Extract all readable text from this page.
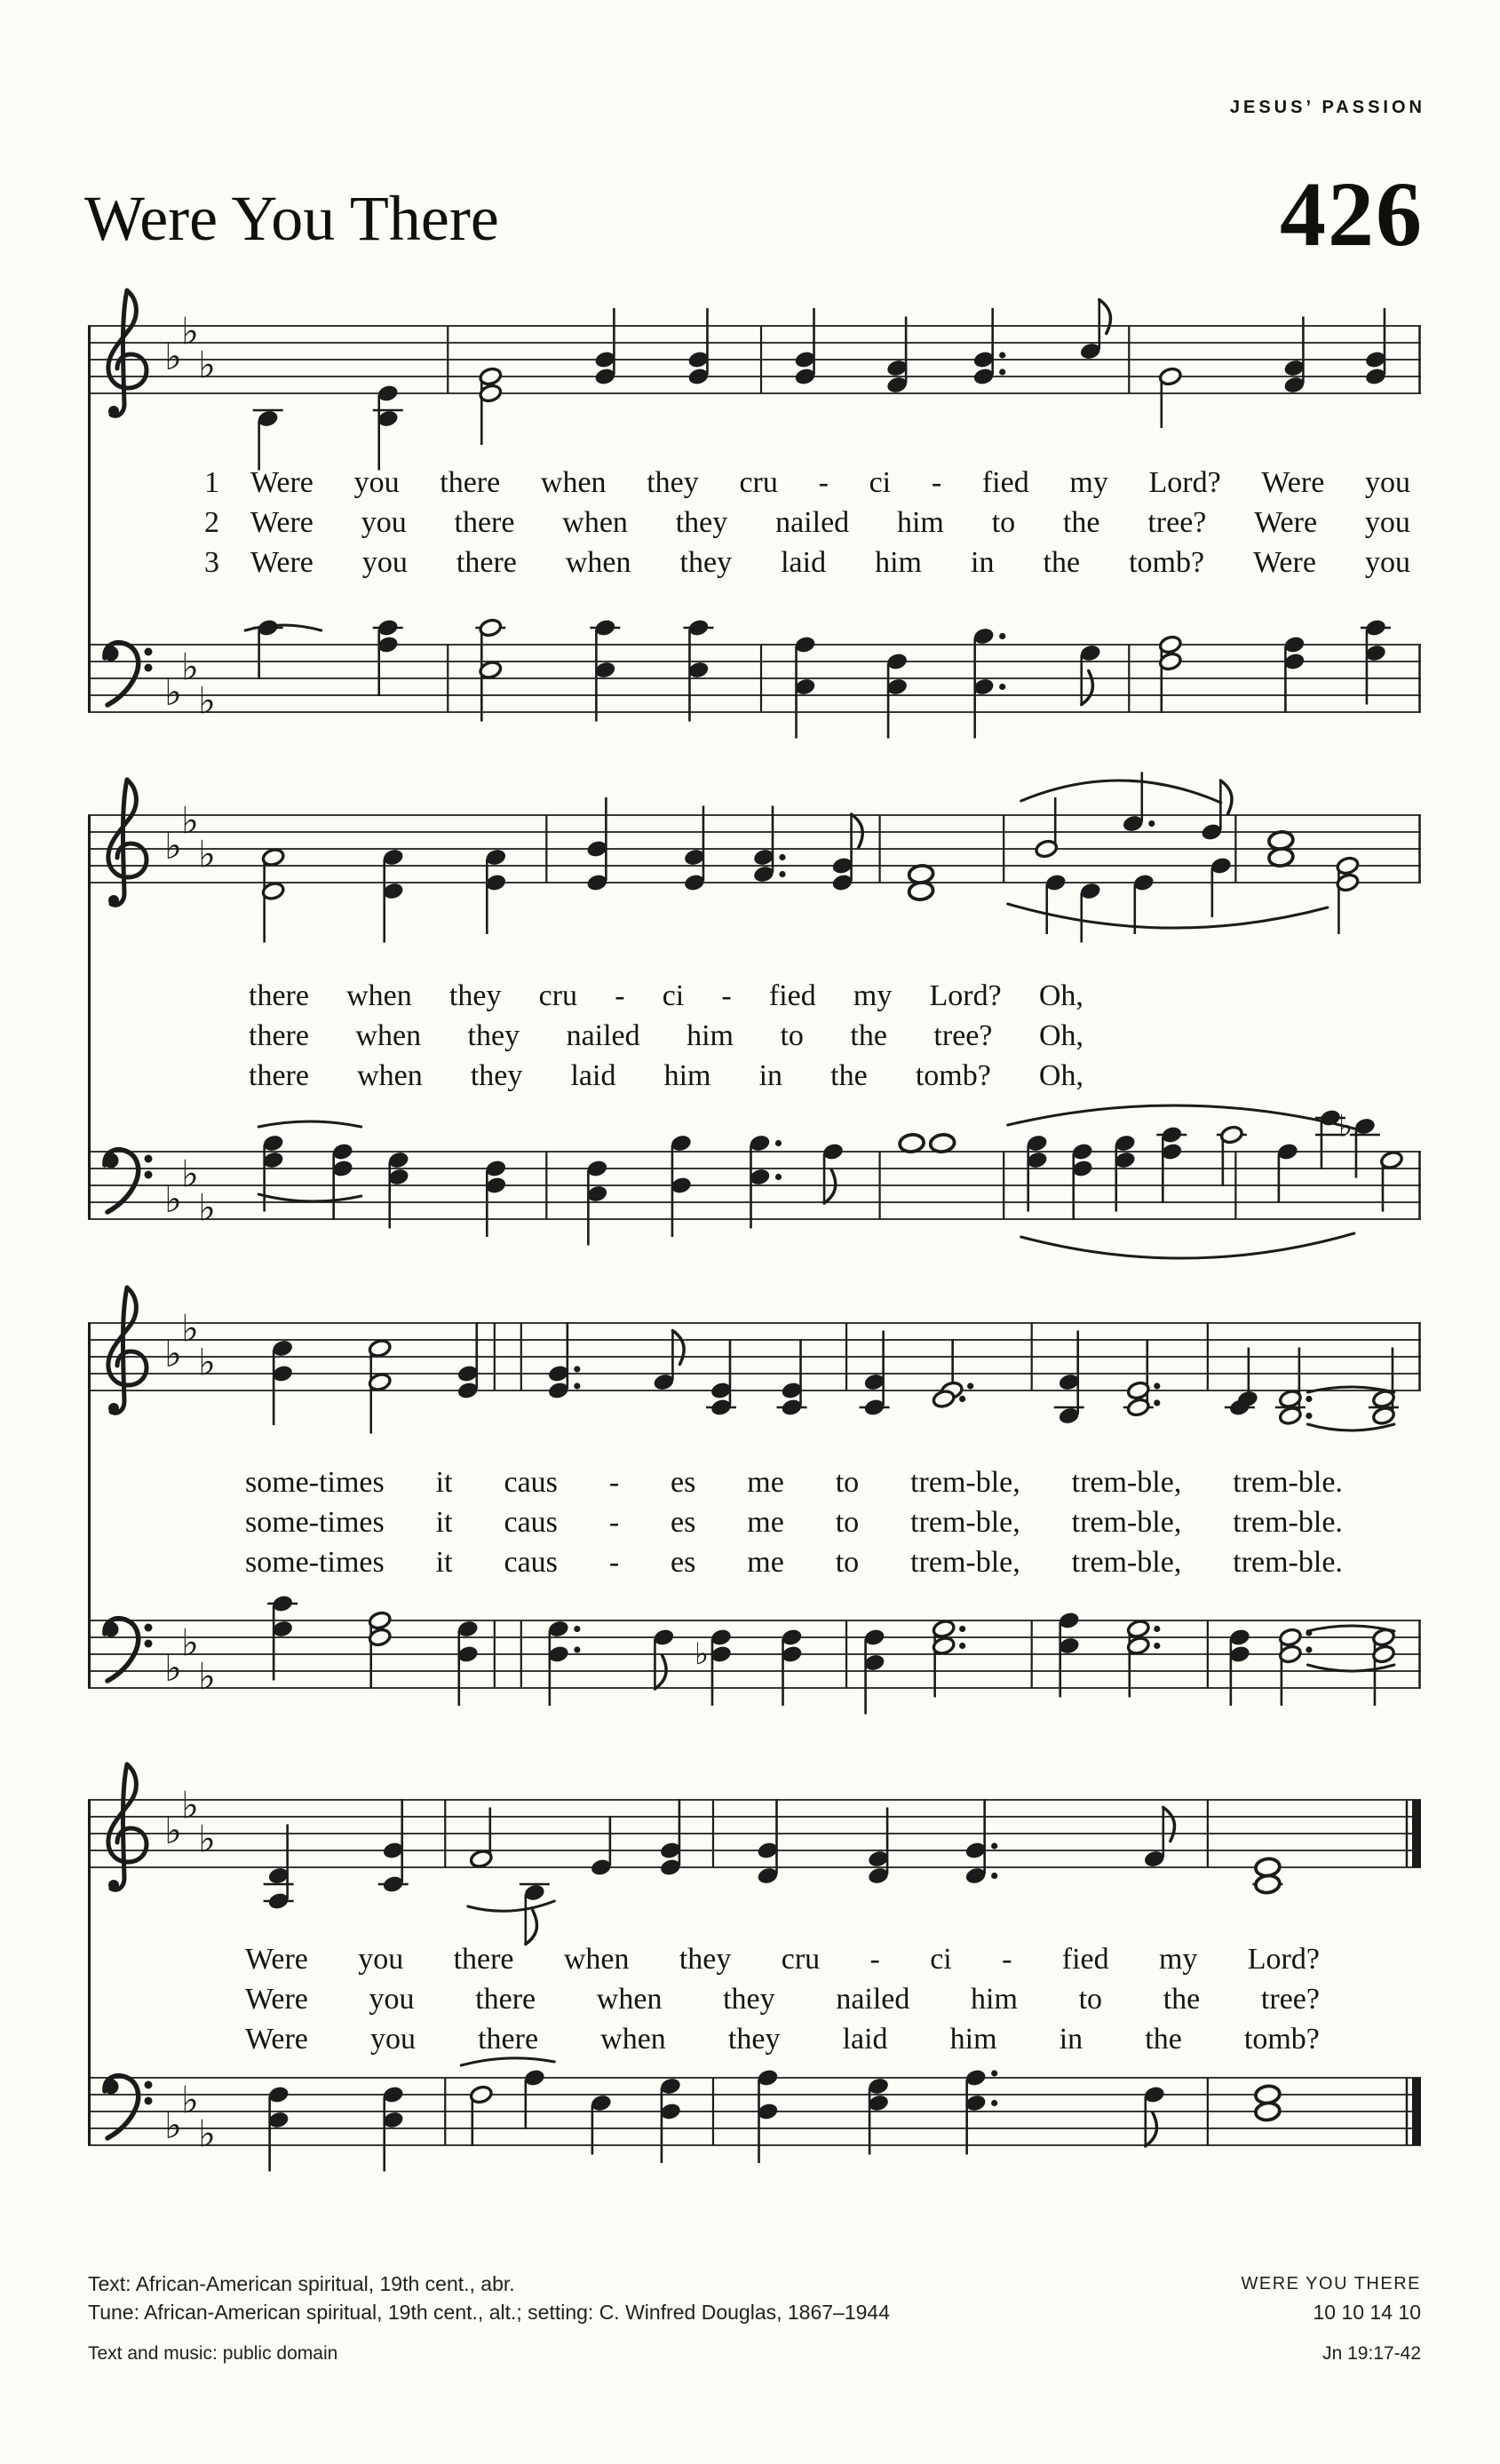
JESUS’ PASSION
Were You There	426
♭
♭
♭
♭
♭
♭
♭
♭
♭
♭
♭
♭
♭
♭
♭
♭
♭
♭
♭
♭
♭
♭
♭
♭
♭
♭
1	Were you there when they cru - ci - fied my Lord? Were you
2	Were you there when they nailed him to the tree? Were you
3	Were you there when they laid him in the tomb? Were you
there when they cru - ci - fied my Lord? Oh,
there when they nailed him to the tree? Oh,
there when they laid him in the tomb? Oh,
some-times it caus - es me to trem-ble, trem-ble, trem-ble.
some-times it caus - es me to trem-ble, trem-ble, trem-ble.
some-times it caus - es me to trem-ble, trem-ble, trem-ble.
Were you there when they cru - ci - fied my Lord?
Were you there when they nailed him to the tree?
Were you there when they laid him in the tomb?
Text: African-American spiritual, 19th cent., abr.
Tune: African-American spiritual, 19th cent., alt.; setting: C. Winfred Douglas, 1867–1944
Text and music: public domain
WERE YOU THERE
10 10 14 10
Jn 19:17-42
